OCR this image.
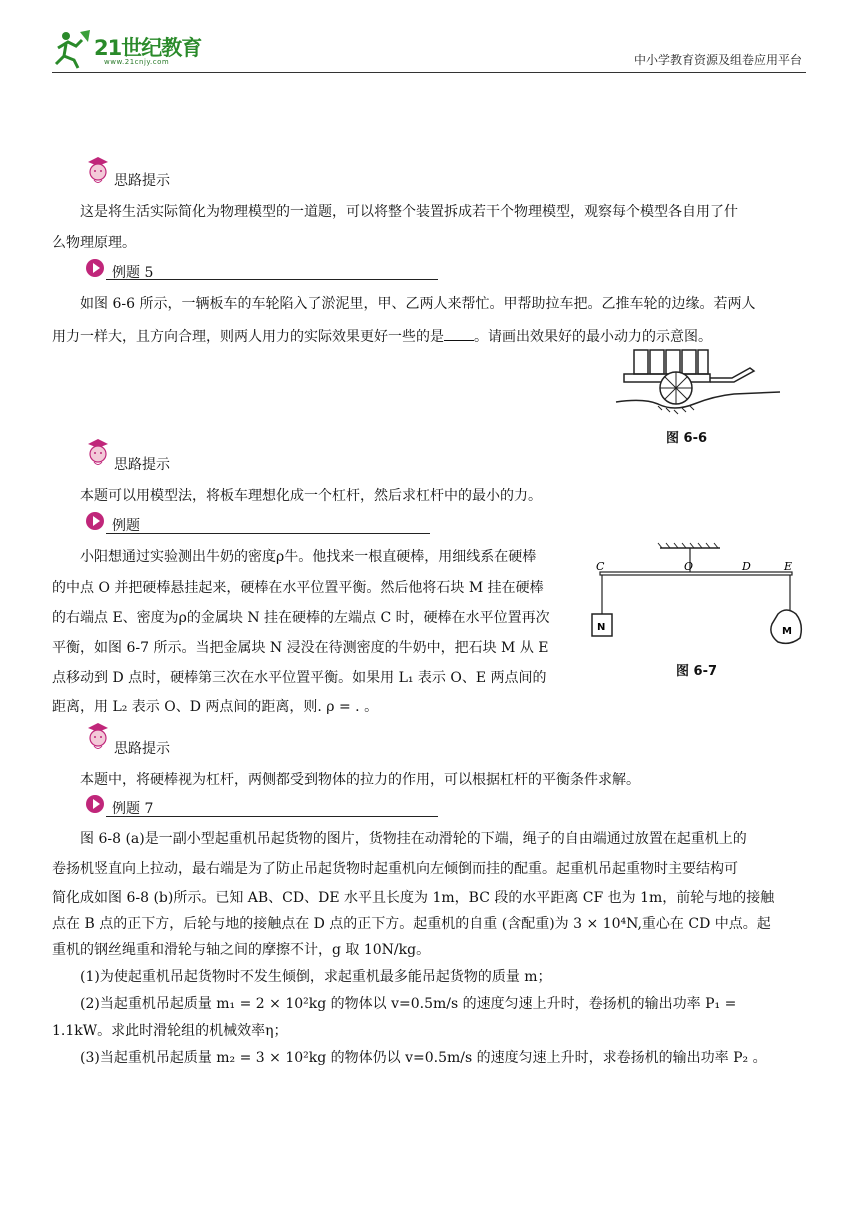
21世纪教育
www.21cnjy.com	中小学教育资源及组卷应用平台
思路提示
这是将生活实际简化为物理模型的一道题，可以将整个装置拆成若干个物理模型，观察每个模型各自用了什
么物理原理。
例题 5
如图 6-6 所示，一辆板车的车轮陷入了淤泥里，甲、乙两人来帮忙。甲帮助拉车把。乙推车轮的边缘。若两人
用力一样大，且方向合理，则两人用力的实际效果更好一些的是 。请画出效果好的最小动力的示意图。
图 6-6
思路提示
本题可以用模型法，将板车理想化成一个杠杆，然后求杠杆中的最小的力。
例题
小阳想通过实验测出牛奶的密度ρ牛。他找来一根直硬棒，用细线系在硬棒
的中点 O 并把硬棒悬挂起来，硬棒在水平位置平衡。然后他将石块 M 挂在硬棒
的右端点 E、密度为ρ的金属块 N 挂在硬棒的左端点 C 时，硬棒在水平位置再次
平衡，如图 6-7 所示。当把金属块 N 浸没在待测密度的牛奶中，把石块 M 从 E
点移动到 D 点时，硬棒第三次在水平位置平衡。如果用 L₁ 表示 O、E 两点间的
距离，用 L₂ 表示 O、D 两点间的距离，则. ρ = . 。
C	O	D	E
N	M
图 6-7
思路提示
本题中，将硬棒视为杠杆，两侧都受到物体的拉力的作用，可以根据杠杆的平衡条件求解。
例题 7
图 6-8 (a)是一副小型起重机吊起货物的图片，货物挂在动滑轮的下端，绳子的自由端通过放置在起重机上的
卷扬机竖直向上拉动，最右端是为了防止吊起货物时起重机向左倾倒而挂的配重。起重机吊起重物时主要结构可
简化成如图 6-8 (b)所示。已知 AB、CD、DE 水平且长度为 1m，BC 段的水平距离 CF 也为 1m，前轮与地的接触
点在 B 点的正下方，后轮与地的接触点在 D 点的正下方。起重机的自重 (含配重)为 3 × 10⁴N,重心在 CD 中点。起
重机的钢丝绳重和滑轮与轴之间的摩擦不计，g 取 10N/kg。
(1)为使起重机吊起货物时不发生倾倒，求起重机最多能吊起货物的质量 m；
(2)当起重机吊起质量 m₁ = 2 × 10²kg 的物体以 v=0.5m/s 的速度匀速上升时，卷扬机的输出功率 P₁ =
1.1kW。求此时滑轮组的机械效率η；
(3)当起重机吊起质量 m₂ = 3 × 10²kg 的物体仍以 v=0.5m/s 的速度匀速上升时，求卷扬机的输出功率 P₂ 。
